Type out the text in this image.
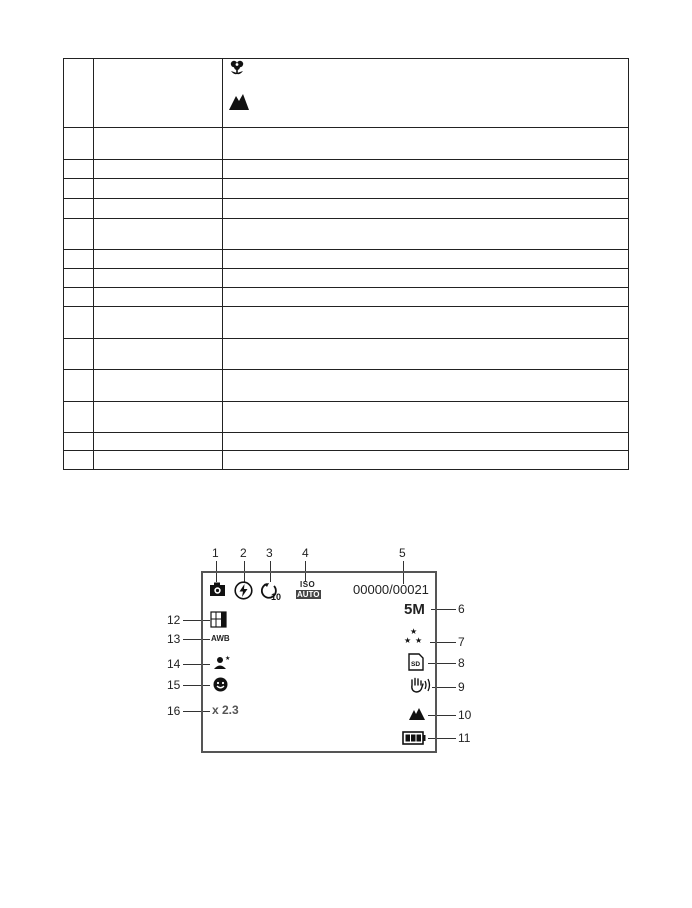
1 2 3 4	5
6
7
8
9
10
11
12
13
14
15
16
10
ISO
AUTO	00000/00021
5M
★
★ ★
SD
AWB
★
x 2.3
